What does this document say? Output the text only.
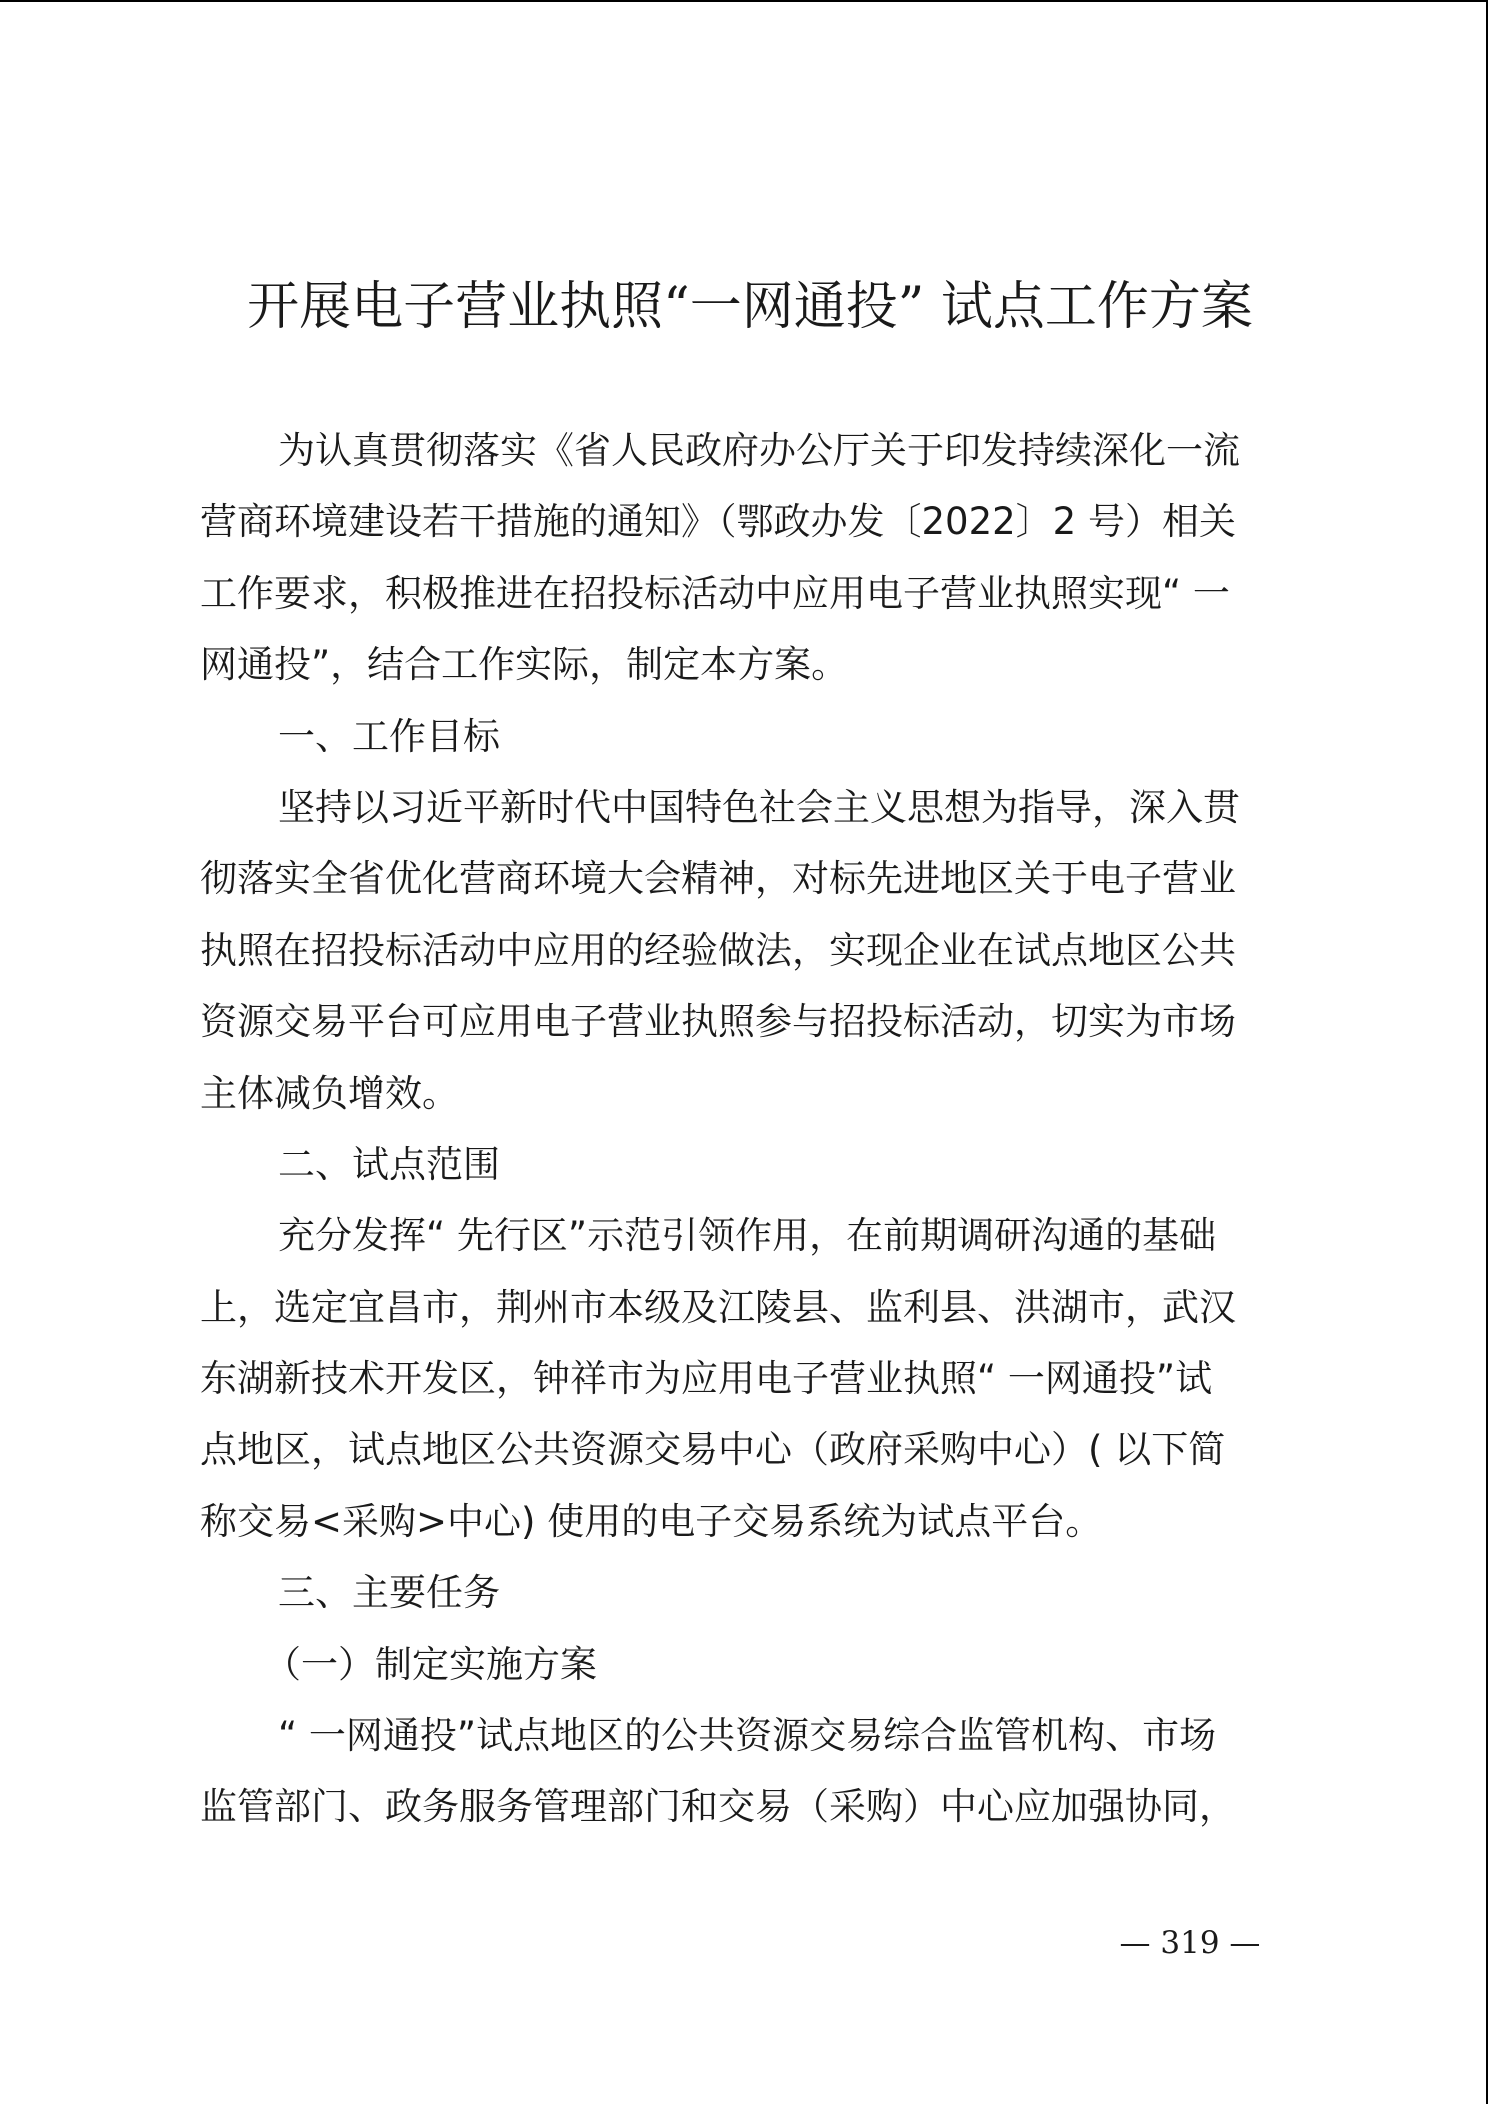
开展电子营业执照“一网通投” 试点工作方案

为认真贯彻落实《省人民政府办公厅关于印发持续深化一流

营商环境建设若干措施的通知》（鄂政办发〔2022〕2 号）相关

工作要求，积极推进在招投标活动中应用电子营业执照实现“ 一

网通投”，结合工作实际，制定本方案。

一、工作目标

坚持以习近平新时代中国特色社会主义思想为指导，深入贯

彻落实全省优化营商环境大会精神，对标先进地区关于电子营业

执照在招投标活动中应用的经验做法，实现企业在试点地区公共

资源交易平台可应用电子营业执照参与招投标活动，切实为市场

主体减负增效。

二、试点范围

充分发挥“ 先行区”示范引领作用，在前期调研沟通的基础

上，选定宜昌市，荆州市本级及江陵县、监利县、洪湖市，武汉

东湖新技术开发区，钟祥市为应用电子营业执照“ 一网通投”试

点地区，试点地区公共资源交易中心（政府采购中心）( 以下简

称交易<采购>中心) 使用的电子交易系统为试点平台。

三、主要任务

（一）制定实施方案

“ 一网通投”试点地区的公共资源交易综合监管机构、市场

监管部门、政务服务管理部门和交易（采购）中心应加强协同，

— 319 —
